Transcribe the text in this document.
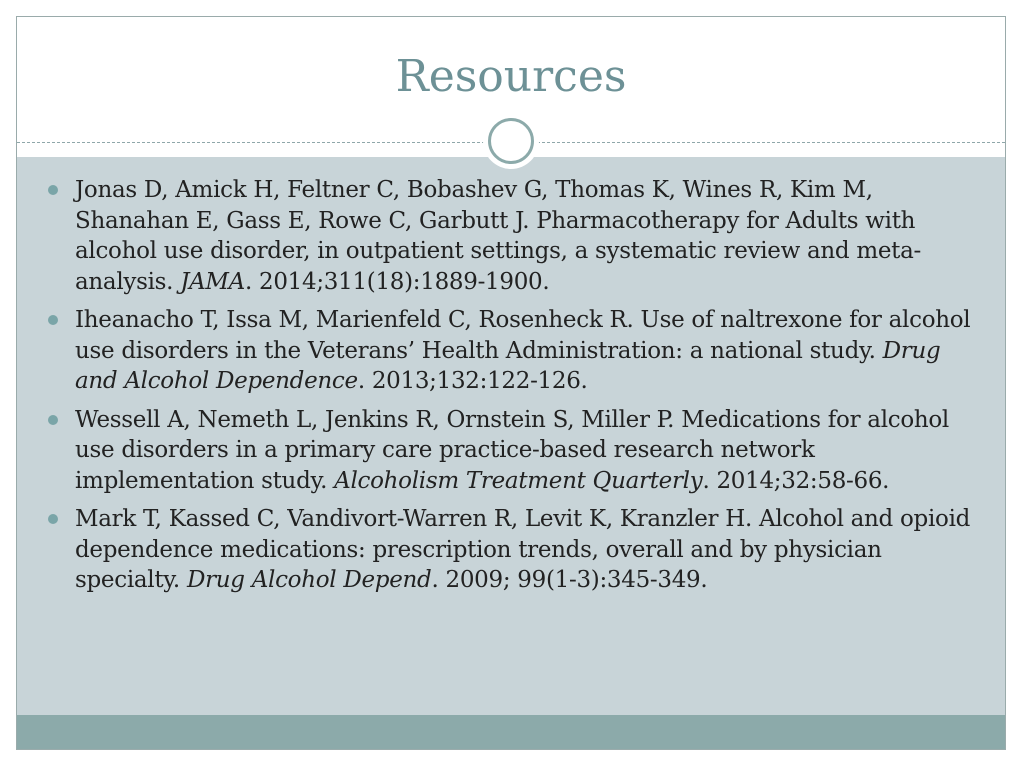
Resources
Jonas D, Amick H, Feltner C, Bobashev G, Thomas K, Wines R, Kim M, Shanahan E, Gass E, Rowe C, Garbutt J. Pharmacotherapy for Adults with alcohol use disorder, in outpatient settings, a systematic review and meta-analysis. JAMA. 2014;311(18):1889-1900.
Iheanacho T, Issa M, Marienfeld C, Rosenheck R. Use of naltrexone for alcohol use disorders in the Veterans’ Health Administration: a national study. Drug and Alcohol Dependence. 2013;132:122-126.
Wessell A, Nemeth L, Jenkins R, Ornstein S, Miller P. Medications for alcohol use disorders in a primary care practice-based research network implementation study. Alcoholism Treatment Quarterly. 2014;32:58-66.
Mark T, Kassed C, Vandivort-Warren R, Levit K, Kranzler H. Alcohol and opioid dependence medications: prescription trends, overall and by physician specialty. Drug Alcohol Depend. 2009; 99(1-3):345-349.
